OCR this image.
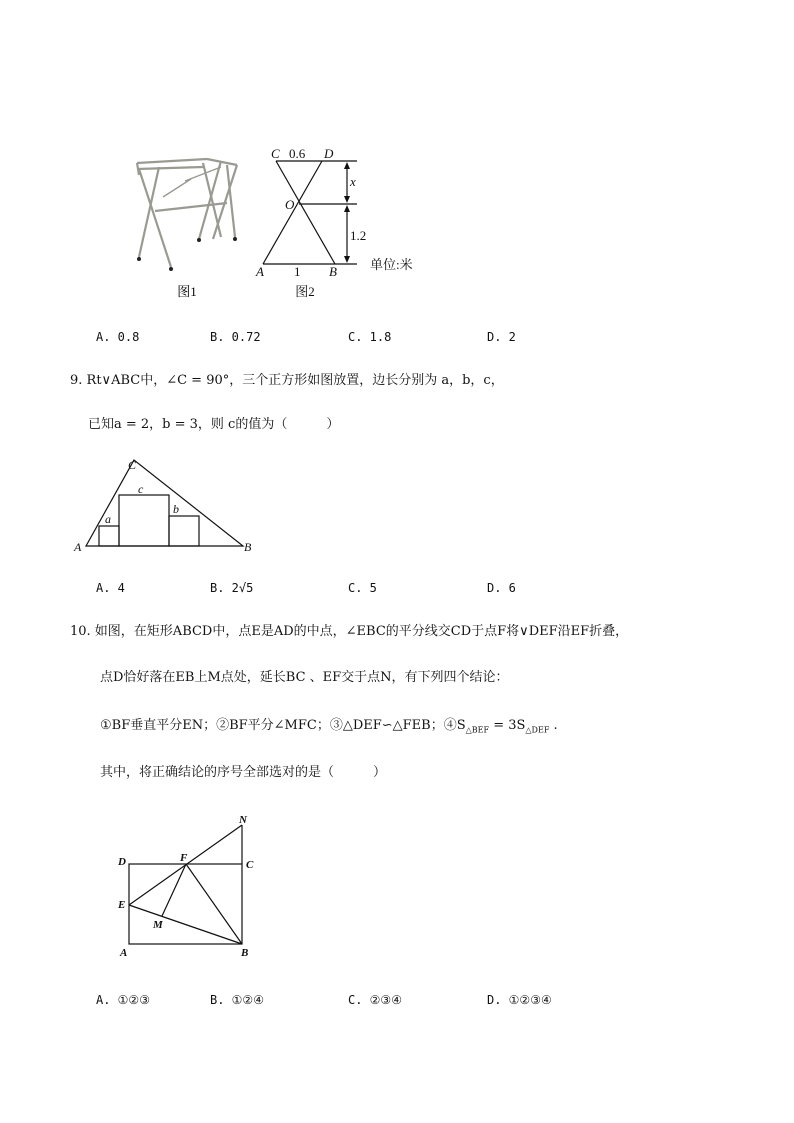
图1
C 0.6 D
O
x
1.2
A 1 B	单位:米
图2
A. 0.8	B. 0.72	C. 1.8	D. 2
9. Rt∨ABC中，∠C = 90°，三个正方形如图放置，边长分别为 a，b，c，
已知a = 2，b = 3，则 c的值为（　　　）
C
A	B
a
b
c
A. 4	B. 2√5	C. 5	D. 6
10. 如图，在矩形ABCD中，点E是AD的中点，∠EBC的平分线交CD于点F将∨DEF沿EF折叠，
点D恰好落在EB上M点处，延长BC 、EF交于点N，有下列四个结论：
①BF垂直平分EN；②BF平分∠MFC；③△DEF∽△FEB；$④S_{\triangle BEF} = 3S_{\triangle DEF}$ .
其中，将正确结论的序号全部选对的是（　　　）
D	F
C
N
E
M
A	B
A. ①②③	B. ①②④	C. ②③④	D. ①②③④
